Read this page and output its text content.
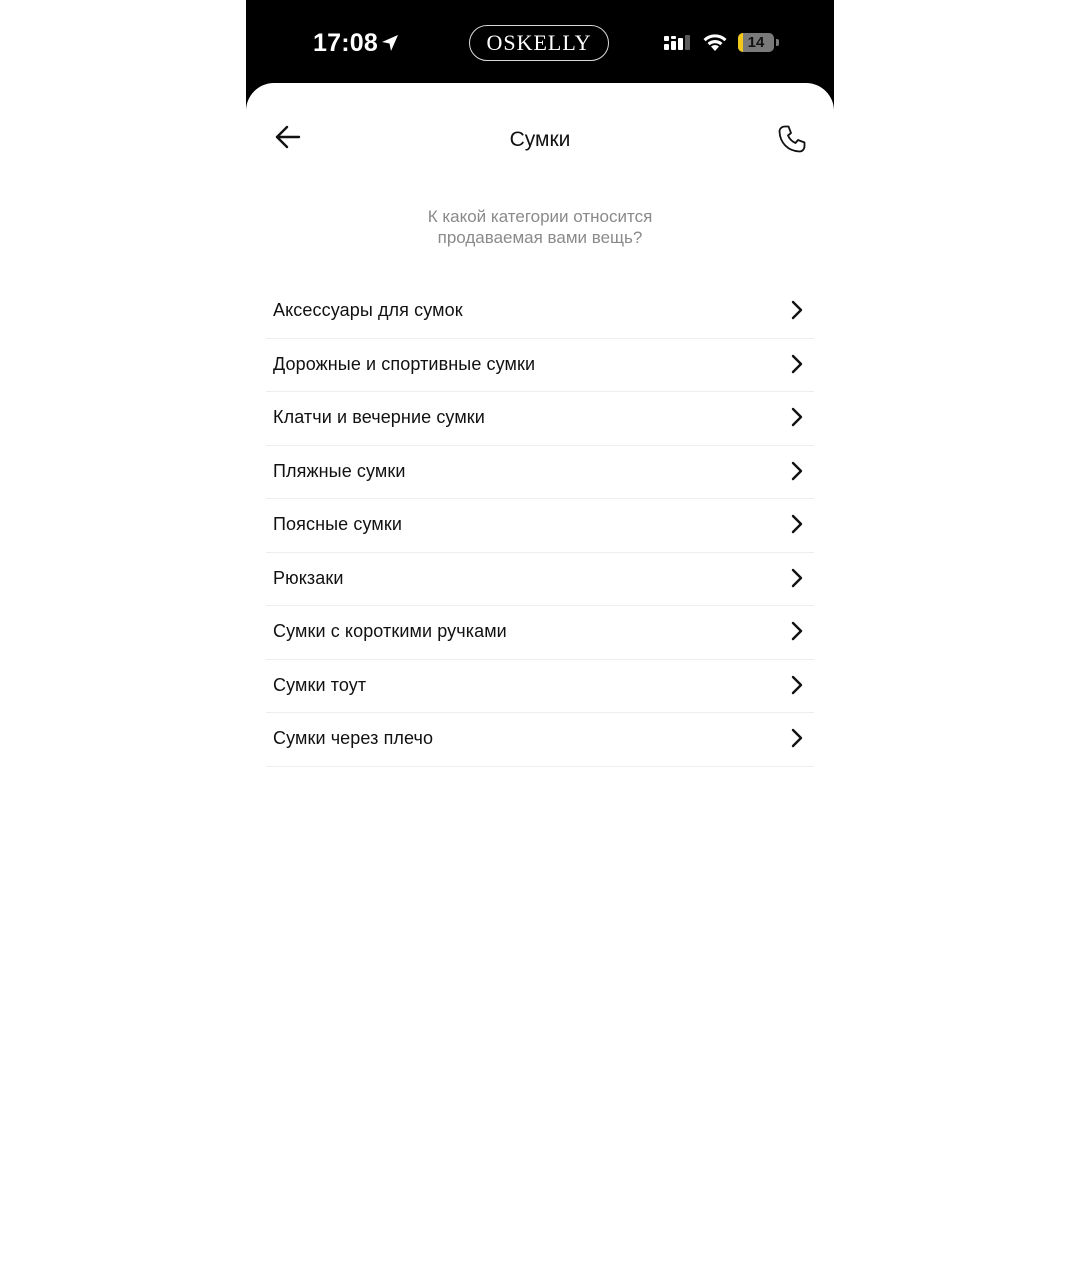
17:08	OSKELLY	14
Сумки
К какой категории относится
продаваемая вами вещь?
Аксессуары для сумок
Дорожные и спортивные сумки
Клатчи и вечерние сумки
Пляжные сумки
Поясные сумки
Рюкзаки
Сумки с короткими ручками
Сумки тоут
Сумки через плечо
